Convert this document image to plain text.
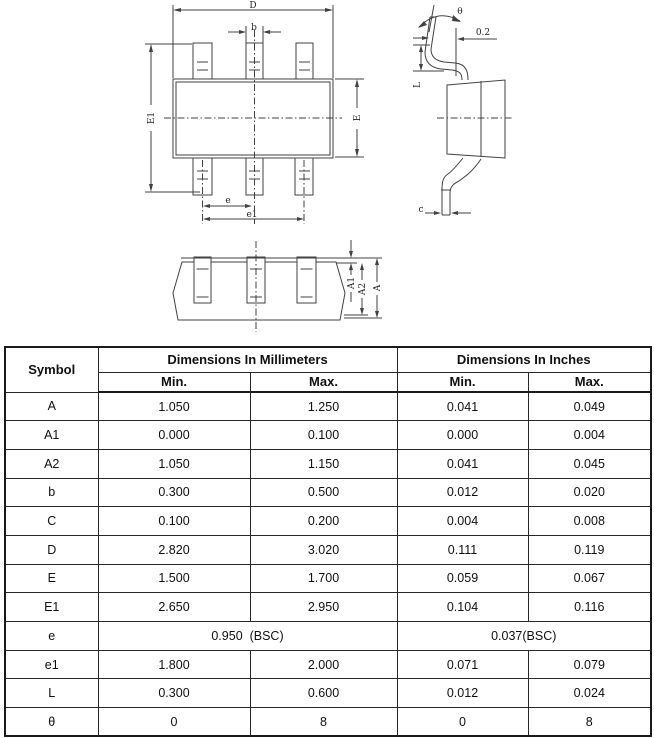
D
b
E1	E
e
e1
θ
0.2
L
c
A1 A2 A
Symbol	Dimensions In Millimeters		Dimensions In Inches	
	Min.	Max.	Min.	Max.
A	1.050	1.250	0.041	0.049
A1	0.000	0.100	0.000	0.004
A2	1.050	1.150	0.041	0.045
b	0.300	0.500	0.012	0.020
C	0.100	0.200	0.004	0.008
D	2.820	3.020	0.111	0.119
E	1.500	1.700	0.059	0.067
E1	2.650	2.950	0.104	0.116
e	0.950  (BSC)		0.037(BSC)	
e1	1.800	2.000	0.071	0.079
L	0.300	0.600	0.012	0.024
θ	0	8	0	8
